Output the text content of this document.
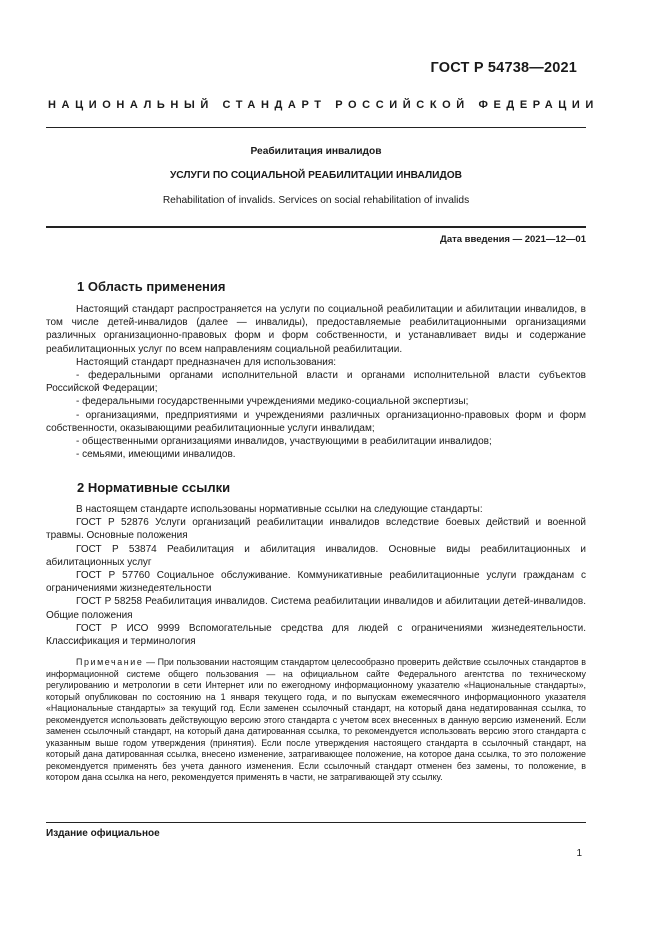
ГОСТ Р 54738—2021
НАЦИОНАЛЬНЫЙ СТАНДАРТ РОССИЙСКОЙ ФЕДЕРАЦИИ
Реабилитация инвалидов
УСЛУГИ ПО СОЦИАЛЬНОЙ РЕАБИЛИТАЦИИ ИНВАЛИДОВ
Rehabilitation of invalids. Services on social rehabilitation of invalids
Дата введения — 2021—12—01
1 Область применения

Настоящий стандарт распространяется на услуги по социальной реабилитации и абилитации инвалидов, в том числе детей-инвалидов (далее — инвалиды), предоставляемые реабилитационными организациями различных организационно-правовых форм и форм собственности, и устанавливает виды и содержание реабилитационных услуг по всем направлениям социальной реабилитации.

Настоящий стандарт предназначен для использования:

- федеральными органами исполнительной власти и органами исполнительной власти субъектов Российской Федерации;

- федеральными государственными учреждениями медико-социальной экспертизы;

- организациями, предприятиями и учреждениями различных организационно-правовых форм и форм собственности, оказывающими реабилитационные услуги инвалидам;

- общественными организациями инвалидов, участвующими в реабилитации инвалидов;

- семьями, имеющими инвалидов.

2 Нормативные ссылки

В настоящем стандарте использованы нормативные ссылки на следующие стандарты:

ГОСТ Р 52876 Услуги организаций реабилитации инвалидов вследствие боевых действий и военной травмы. Основные положения

ГОСТ Р 53874 Реабилитация и абилитация инвалидов. Основные виды реабилитационных и абилитационных услуг

ГОСТ Р 57760 Социальное обслуживание. Коммуникативные реабилитационные услуги гражданам с ограничениями жизнедеятельности

ГОСТ Р 58258 Реабилитация инвалидов. Система реабилитации инвалидов и абилитации детей-инвалидов. Общие положения

ГОСТ Р ИСО 9999 Вспомогательные средства для людей с ограничениями жизнедеятельности. Классификация и терминология

Примечание — При пользовании настоящим стандартом целесообразно проверить действие ссылочных стандартов в информационной системе общего пользования — на официальном сайте Федерального агентства по техническому регулированию и метрологии в сети Интернет или по ежегодному информационному указателю «Национальные стандарты», который опубликован по состоянию на 1 января текущего года, и по выпускам ежемесячного информационного указателя «Национальные стандарты» за текущий год. Если заменен ссылочный стандарт, на который дана недатированная ссылка, то рекомендуется использовать действующую версию этого стандарта с учетом всех внесенных в данную версию изменений. Если заменен ссылочный стандарт, на который дана датированная ссылка, то рекомендуется использовать версию этого стандарта с указанным выше годом утверждения (принятия). Если после утверждения настоящего стандарта в ссылочный стандарт, на который дана датированная ссылка, внесено изменение, затрагивающее положение, на которое дана ссылка, то это положение рекомендуется применять без учета данного изменения. Если ссылочный стандарт отменен без замены, то положение, в котором дана ссылка на него, рекомендуется применять в части, не затрагивающей эту ссылку.
Издание официальное
1
